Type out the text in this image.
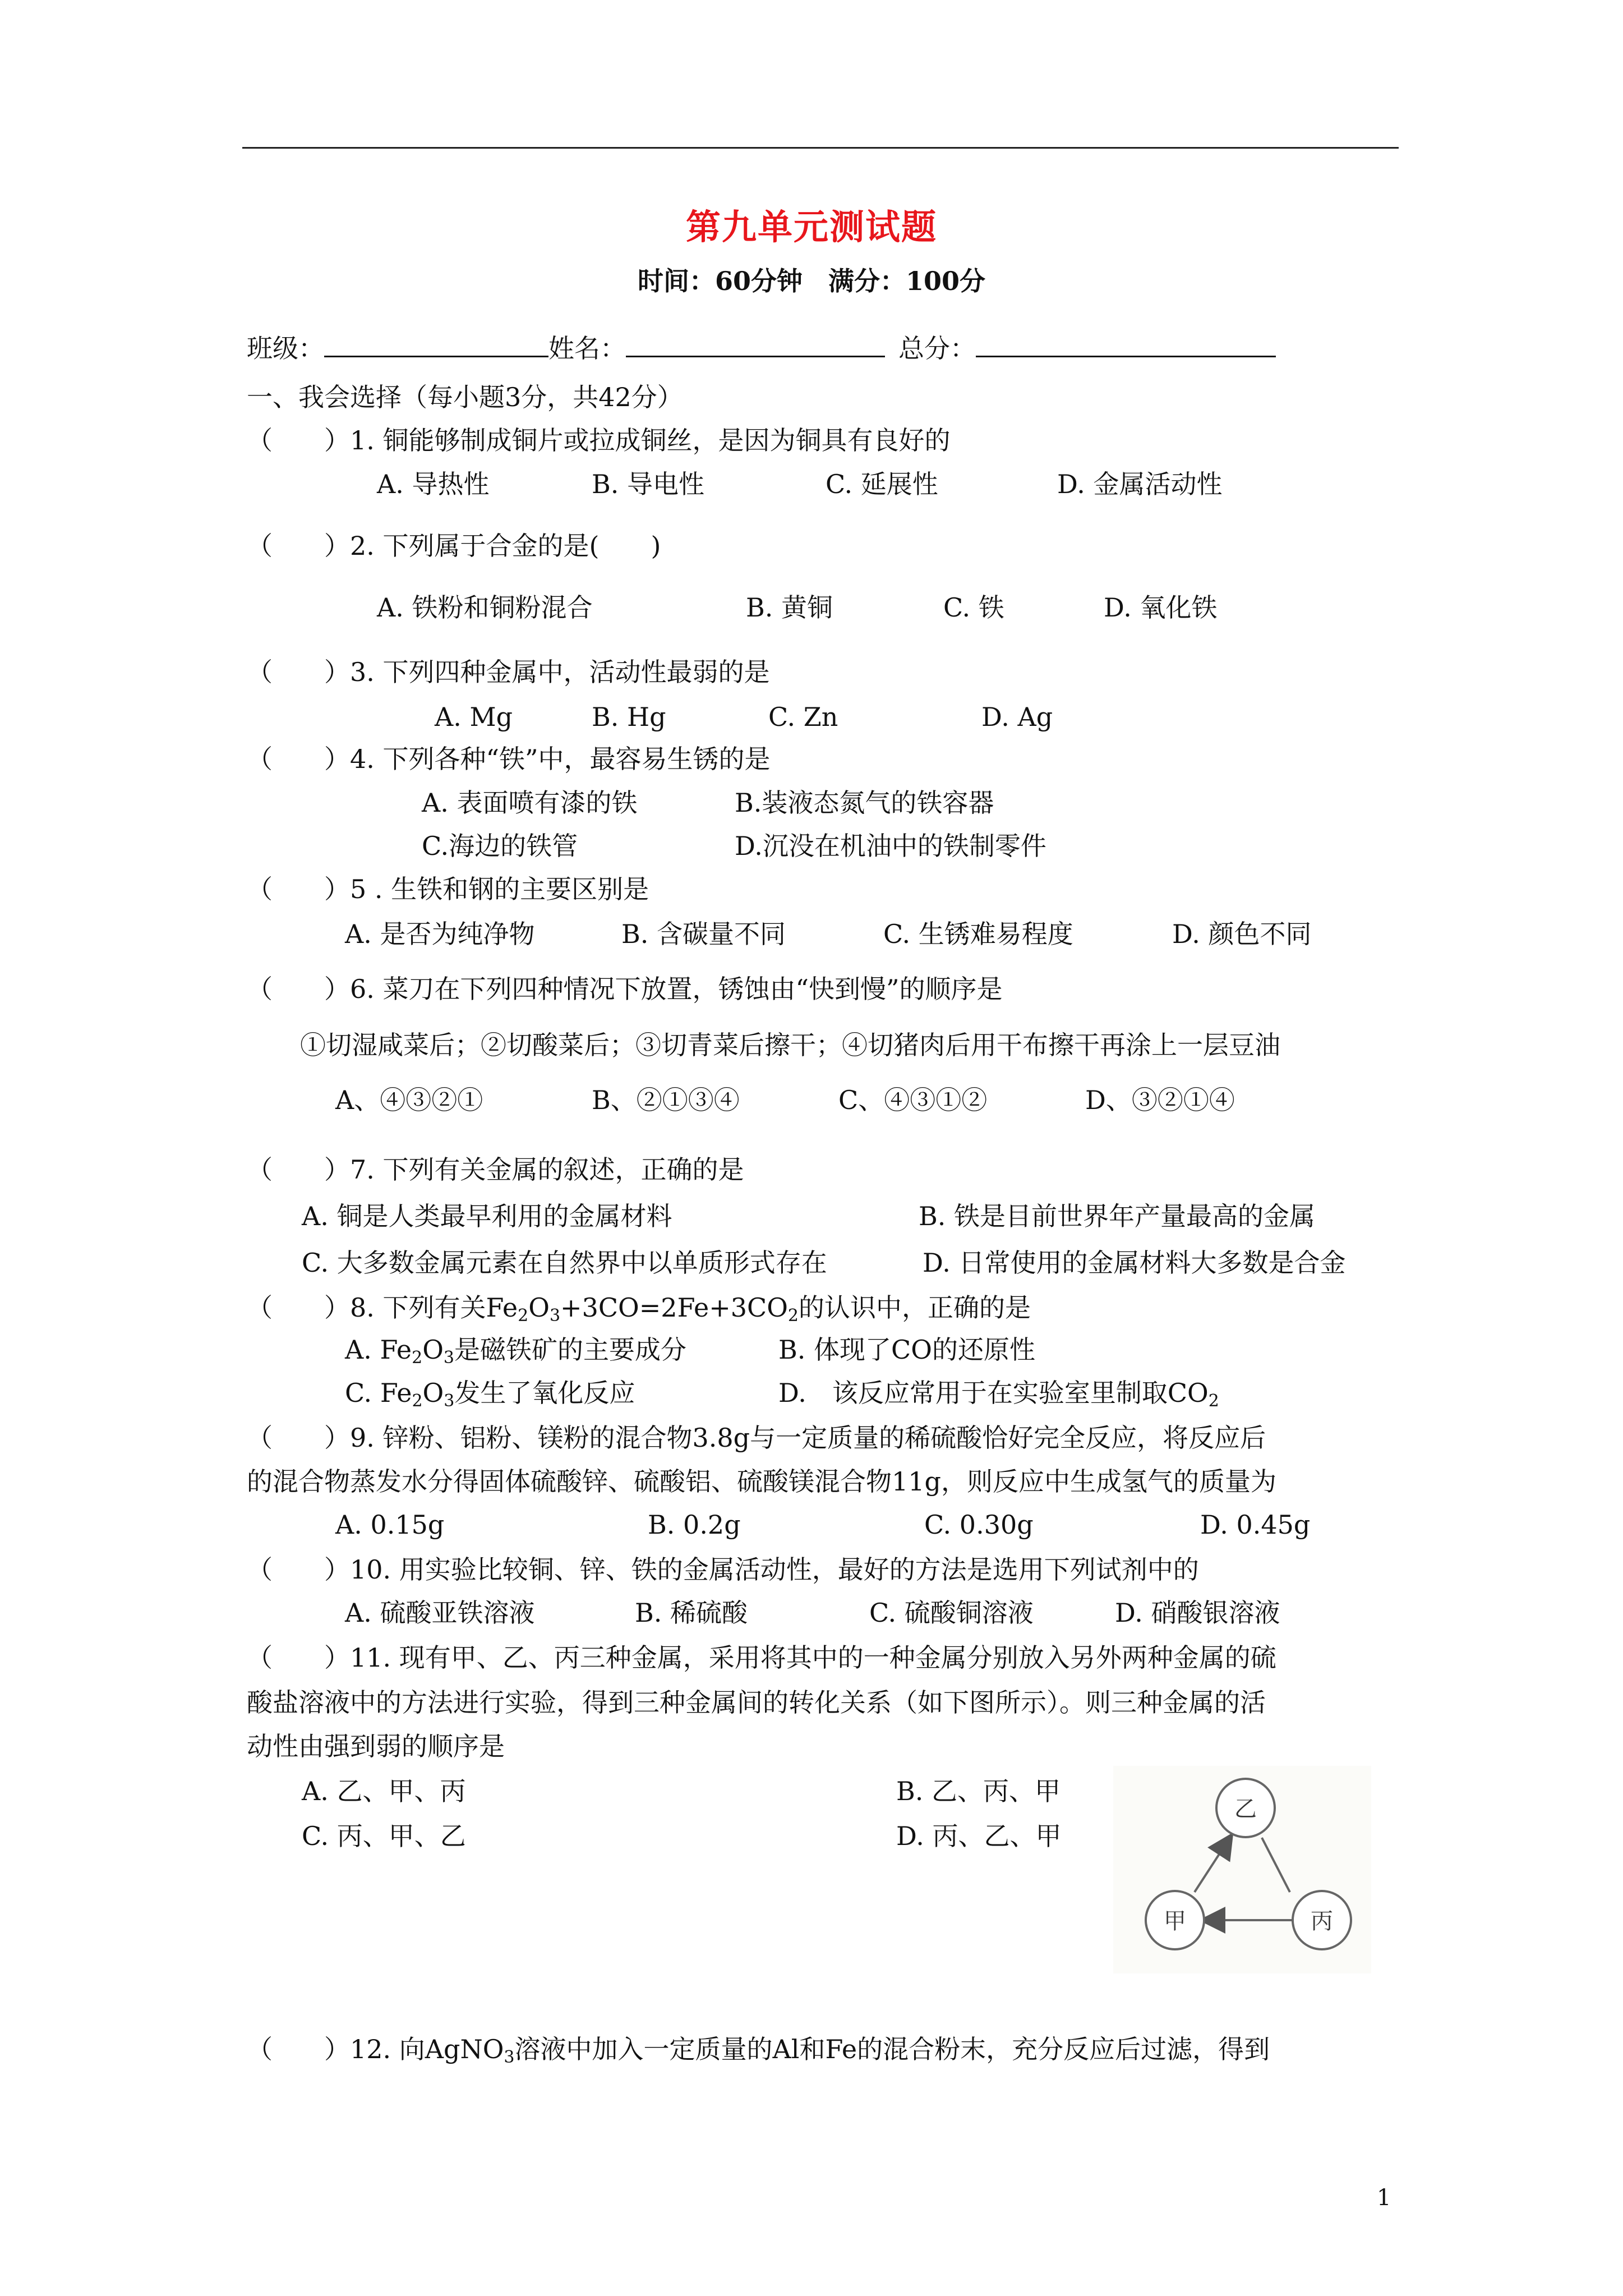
第九单元测试题
时间：60分钟　满分：100分
班级：	姓名：	总分：
一、我会选择（每小题3分，共42分）
（　　）1. 铜能够制成铜片或拉成铜丝，是因为铜具有良好的
A. 导热性	B. 导电性	C. 延展性	D. 金属活动性
（　　）2. 下列属于合金的是(　　)
A. 铁粉和铜粉混合	B. 黄铜	C. 铁	D. 氧化铁
（　　）3. 下列四种金属中，活动性最弱的是
A. Mg	B. Hg	C. Zn	D. Ag
（　　）4. 下列各种“铁”中，最容易生锈的是
A. 表面喷有漆的铁	B.装液态氮气的铁容器
C.海边的铁管	D.沉没在机油中的铁制零件
（　　）5 . 生铁和钢的主要区别是
A. 是否为纯净物	B. 含碳量不同	C. 生锈难易程度	D. 颜色不同
（　　）6. 菜刀在下列四种情况下放置，锈蚀由“快到慢”的顺序是
①切湿咸菜后；②切酸菜后；③切青菜后擦干；④切猪肉后用干布擦干再涂上一层豆油
A、④③②①	B、②①③④	C、④③①②	D、③②①④
（　　）7. 下列有关金属的叙述，正确的是
A. 铜是人类最早利用的金属材料	B. 铁是目前世界年产量最高的金属
C. 大多数金属元素在自然界中以单质形式存在	D. 日常使用的金属材料大多数是合金
（　　）8. 下列有关$Fe_2O_3+3CO=2Fe+3CO_2$的认识中，正确的是
A. $Fe_2O_3$是磁铁矿的主要成分	B. 体现了CO的还原性
C. $Fe_2O_3$发生了氧化反应	D.　该反应常用于在实验室里制取$CO_2$
（　　）9. 锌粉、铝粉、镁粉的混合物3.8g与一定质量的稀硫酸恰好完全反应，将反应后
的混合物蒸发水分得固体硫酸锌、硫酸铝、硫酸镁混合物11g，则反应中生成氢气的质量为
A. 0.15g	B. 0.2g	C. 0.30g	D. 0.45g
（　　）10. 用实验比较铜、锌、铁的金属活动性，最好的方法是选用下列试剂中的
A. 硫酸亚铁溶液	B. 稀硫酸	C. 硫酸铜溶液	D. 硝酸银溶液
（　　）11. 现有甲、乙、丙三种金属，采用将其中的一种金属分别放入另外两种金属的硫
酸盐溶液中的方法进行实验，得到三种金属间的转化关系（如下图所示）。则三种金属的活
动性由强到弱的顺序是
A. 乙、甲、丙	B. 乙、丙、甲
C. 丙、甲、乙	D. 丙、乙、甲
乙
甲	丙
（　　）12. 向AgNO$_3$溶液中加入一定质量的Al和Fe的混合粉末，充分反应后过滤，得到
1
